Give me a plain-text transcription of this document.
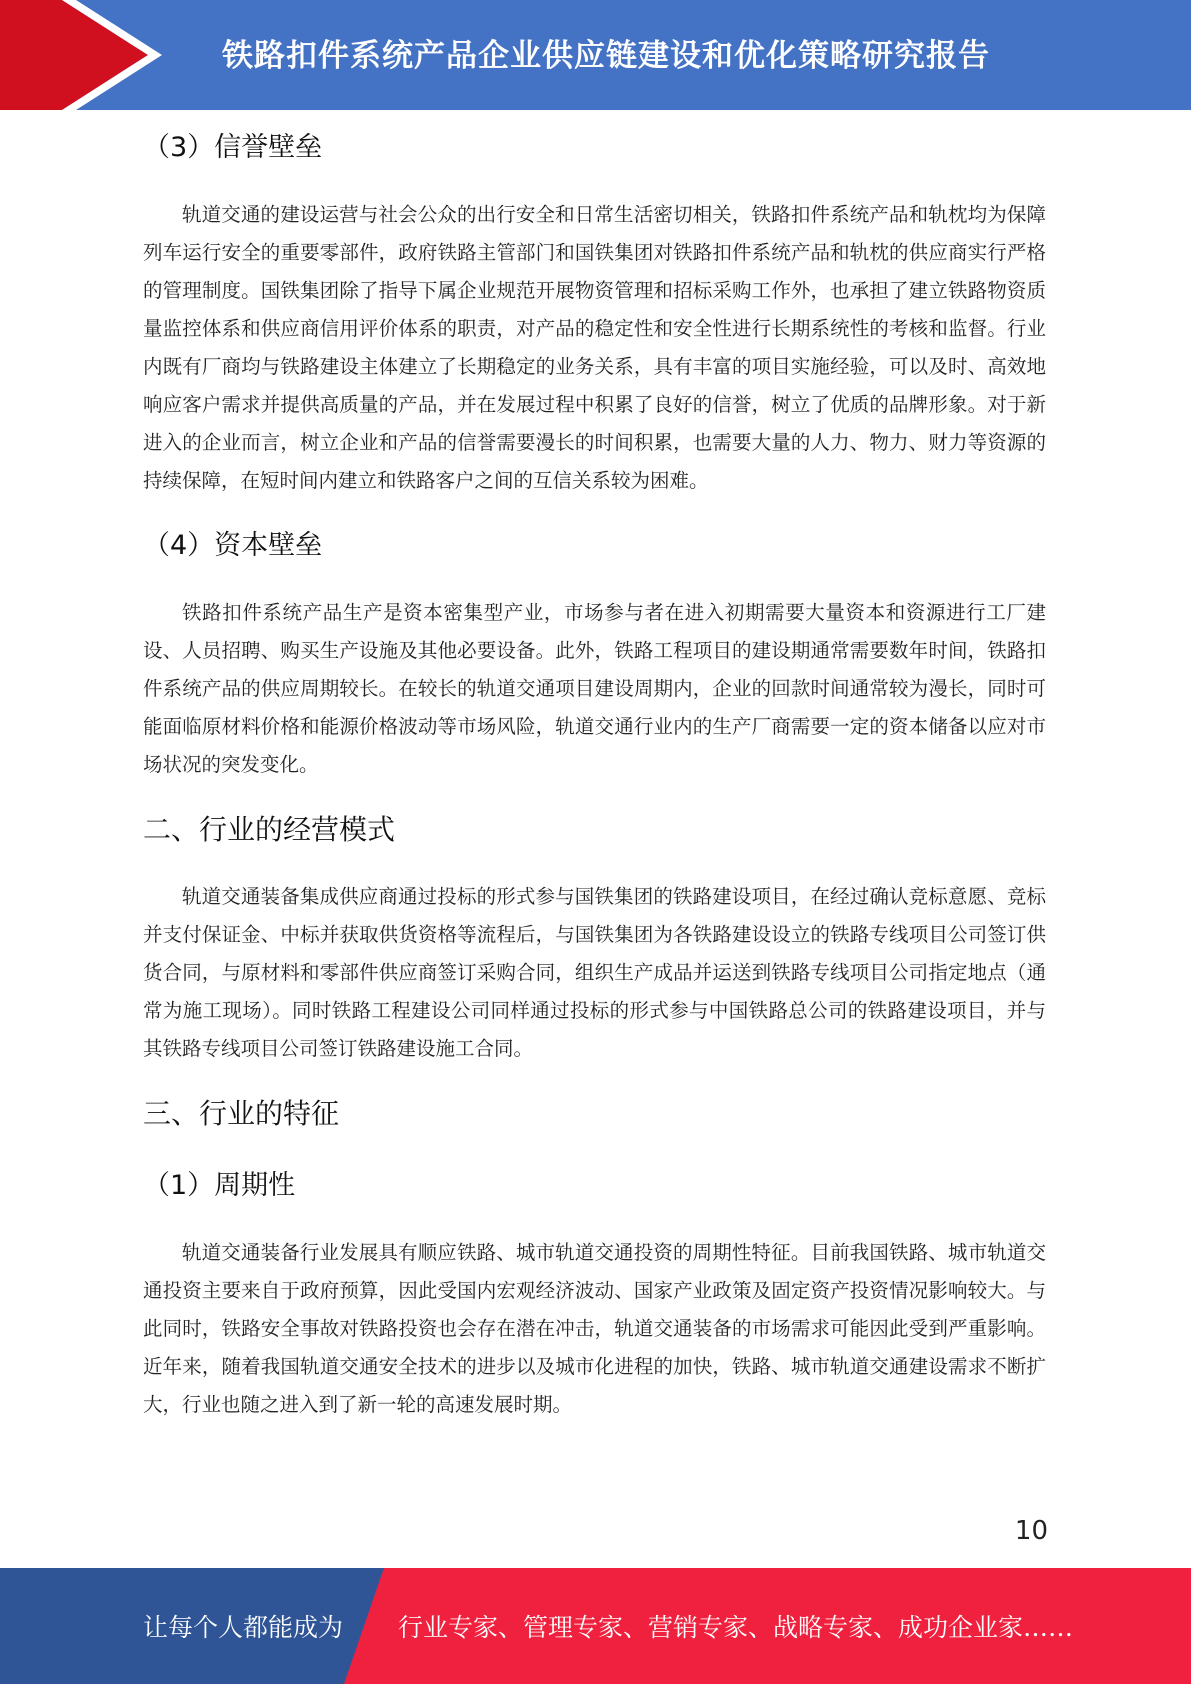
铁路扣件系统产品企业供应链建设和优化策略研究报告
（3）信誉壁垒

轨道交通的建设运营与社会公众的出行安全和日常生活密切相关，铁路扣件系统产品和轨枕均为保障列车运行安全的重要零部件，政府铁路主管部门和国铁集团对铁路扣件系统产品和轨枕的供应商实行严格的管理制度。国铁集团除了指导下属企业规范开展物资管理和招标采购工作外，也承担了建立铁路物资质量监控体系和供应商信用评价体系的职责，对产品的稳定性和安全性进行长期系统性的考核和监督。行业内既有厂商均与铁路建设主体建立了长期稳定的业务关系，具有丰富的项目实施经验，可以及时、高效地响应客户需求并提供高质量的产品，并在发展过程中积累了良好的信誉，树立了优质的品牌形象。对于新进入的企业而言，树立企业和产品的信誉需要漫长的时间积累，也需要大量的人力、物力、财力等资源的持续保障，在短时间内建立和铁路客户之间的互信关系较为困难。

（4）资本壁垒

铁路扣件系统产品生产是资本密集型产业，市场参与者在进入初期需要大量资本和资源进行工厂建设、人员招聘、购买生产设施及其他必要设备。此外，铁路工程项目的建设期通常需要数年时间，铁路扣件系统产品的供应周期较长。在较长的轨道交通项目建设周期内，企业的回款时间通常较为漫长，同时可能面临原材料价格和能源价格波动等市场风险，轨道交通行业内的生产厂商需要一定的资本储备以应对市场状况的突发变化。

二、行业的经营模式

轨道交通装备集成供应商通过投标的形式参与国铁集团的铁路建设项目，在经过确认竞标意愿、竞标并支付保证金、中标并获取供货资格等流程后，与国铁集团为各铁路建设设立的铁路专线项目公司签订供货合同，与原材料和零部件供应商签订采购合同，组织生产成品并运送到铁路专线项目公司指定地点（通常为施工现场）。同时铁路工程建设公司同样通过投标的形式参与中国铁路总公司的铁路建设项目，并与其铁路专线项目公司签订铁路建设施工合同。

三、行业的特征
（1）周期性

轨道交通装备行业发展具有顺应铁路、城市轨道交通投资的周期性特征。目前我国铁路、城市轨道交通投资主要来自于政府预算，因此受国内宏观经济波动、国家产业政策及固定资产投资情况影响较大。与此同时，铁路安全事故对铁路投资也会存在潜在冲击，轨道交通装备的市场需求可能因此受到严重影响。近年来，随着我国轨道交通安全技术的进步以及城市化进程的加快，铁路、城市轨道交通建设需求不断扩大，行业也随之进入到了新一轮的高速发展时期。

10
让每个人都能成为 行业专家、管理专家、营销专家、战略专家、成功企业家……
